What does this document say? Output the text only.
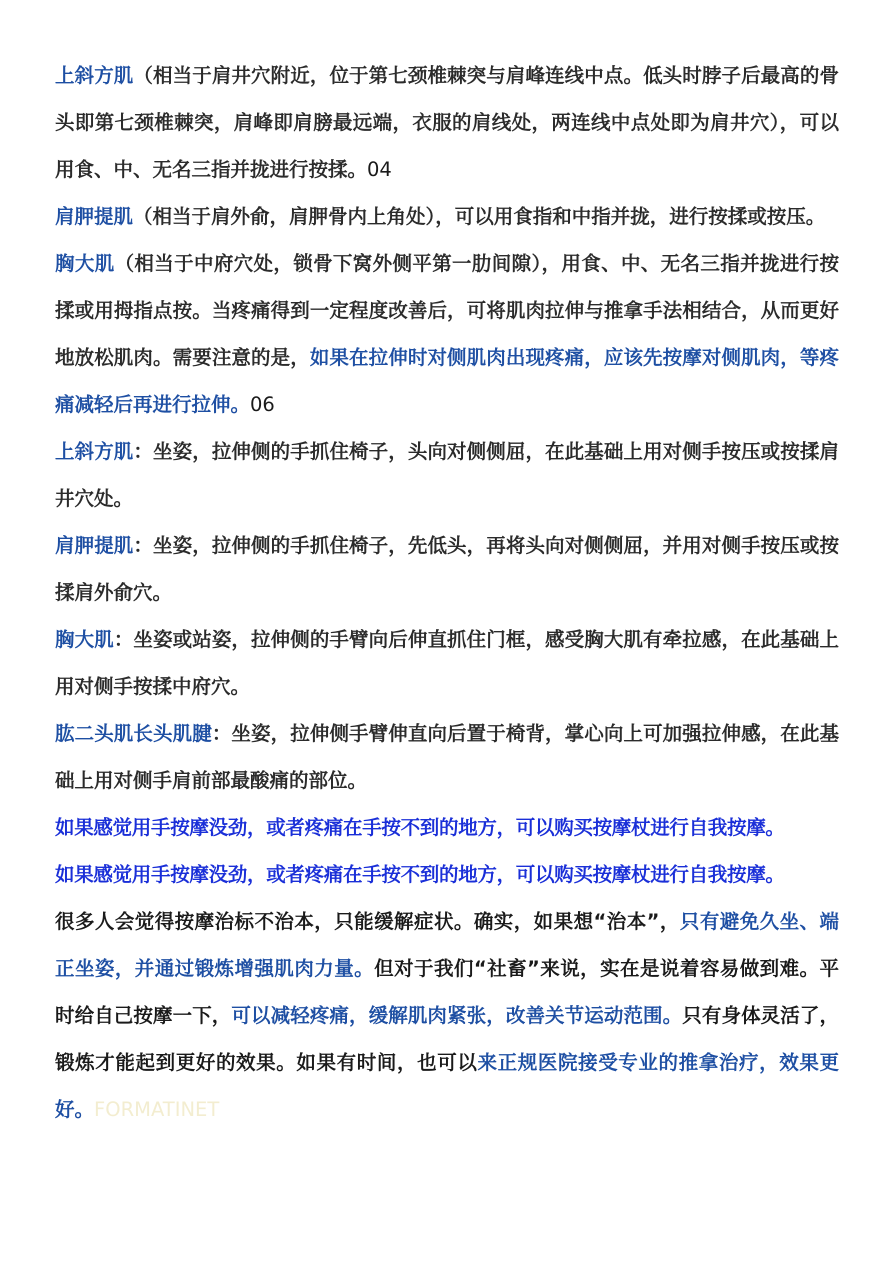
上斜方肌（相当于肩井穴附近，位于第七颈椎棘突与肩峰连线中点。低头时脖子后最高的骨头即第七颈椎棘突，肩峰即肩膀最远端，衣服的肩线处，两连线中点处即为肩井穴），可以用食、中、无名三指并拢进行按揉。04

肩胛提肌（相当于肩外俞，肩胛骨内上角处），可以用食指和中指并拢，进行按揉或按压。

胸大肌（相当于中府穴处，锁骨下窝外侧平第一肋间隙），用食、中、无名三指并拢进行按揉或用拇指点按。当疼痛得到一定程度改善后，可将肌肉拉伸与推拿手法相结合，从而更好地放松肌肉。需要注意的是，如果在拉伸时对侧肌肉出现疼痛，应该先按摩对侧肌肉，等疼痛减轻后再进行拉伸。06

上斜方肌：坐姿，拉伸侧的手抓住椅子，头向对侧侧屈，在此基础上用对侧手按压或按揉肩井穴处。

肩胛提肌：坐姿，拉伸侧的手抓住椅子，先低头，再将头向对侧侧屈，并用对侧手按压或按揉肩外俞穴。

胸大肌：坐姿或站姿，拉伸侧的手臂向后伸直抓住门框，感受胸大肌有牵拉感，在此基础上用对侧手按揉中府穴。

肱二头肌长头肌腱：坐姿，拉伸侧手臂伸直向后置于椅背，掌心向上可加强拉伸感，在此基础上用对侧手肩前部最酸痛的部位。

如果感觉用手按摩没劲，或者疼痛在手按不到的地方，可以购买按摩杖进行自我按摩。

如果感觉用手按摩没劲，或者疼痛在手按不到的地方，可以购买按摩杖进行自我按摩。

很多人会觉得按摩治标不治本，只能缓解症状。确实，如果想“治本”，只有避免久坐、端正坐姿，并通过锻炼增强肌肉力量。但对于我们“社畜”来说，实在是说着容易做到难。平时给自己按摩一下，可以减轻疼痛，缓解肌肉紧张，改善关节运动范围。只有身体灵活了，锻炼才能起到更好的效果。如果有时间，也可以来正规医院接受专业的推拿治疗，效果更好。FORMATINET
